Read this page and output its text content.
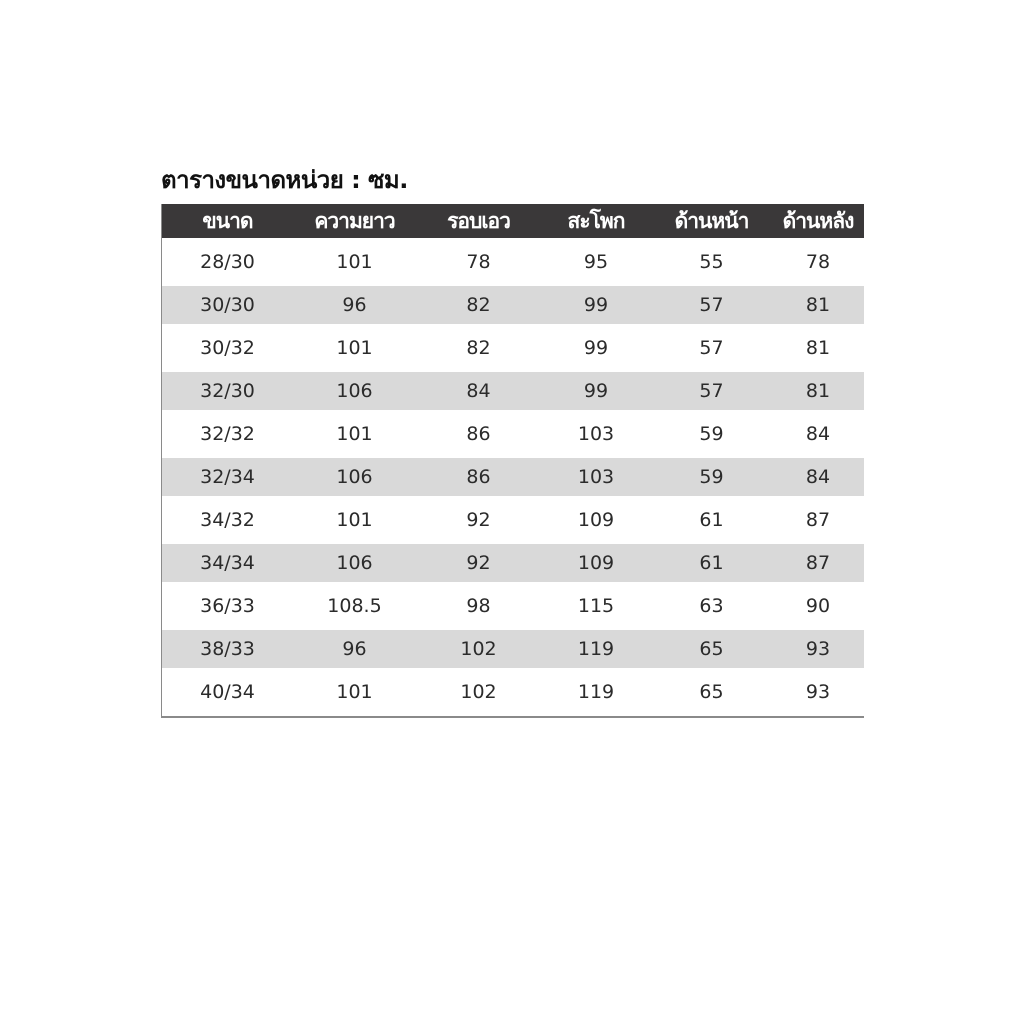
ตารางขนาดหน่วย : ซม.
ขนาด	ความยาว	รอบเอว	สะโพก	ด้านหน้า	ด้านหลัง
28/30	101	78	95	55	78
30/30	96	82	99	57	81
30/32	101	82	99	57	81
32/30	106	84	99	57	81
32/32	101	86	103	59	84
32/34	106	86	103	59	84
34/32	101	92	109	61	87
34/34	106	92	109	61	87
36/33	108.5	98	115	63	90
38/33	96	102	119	65	93
40/34	101	102	119	65	93
